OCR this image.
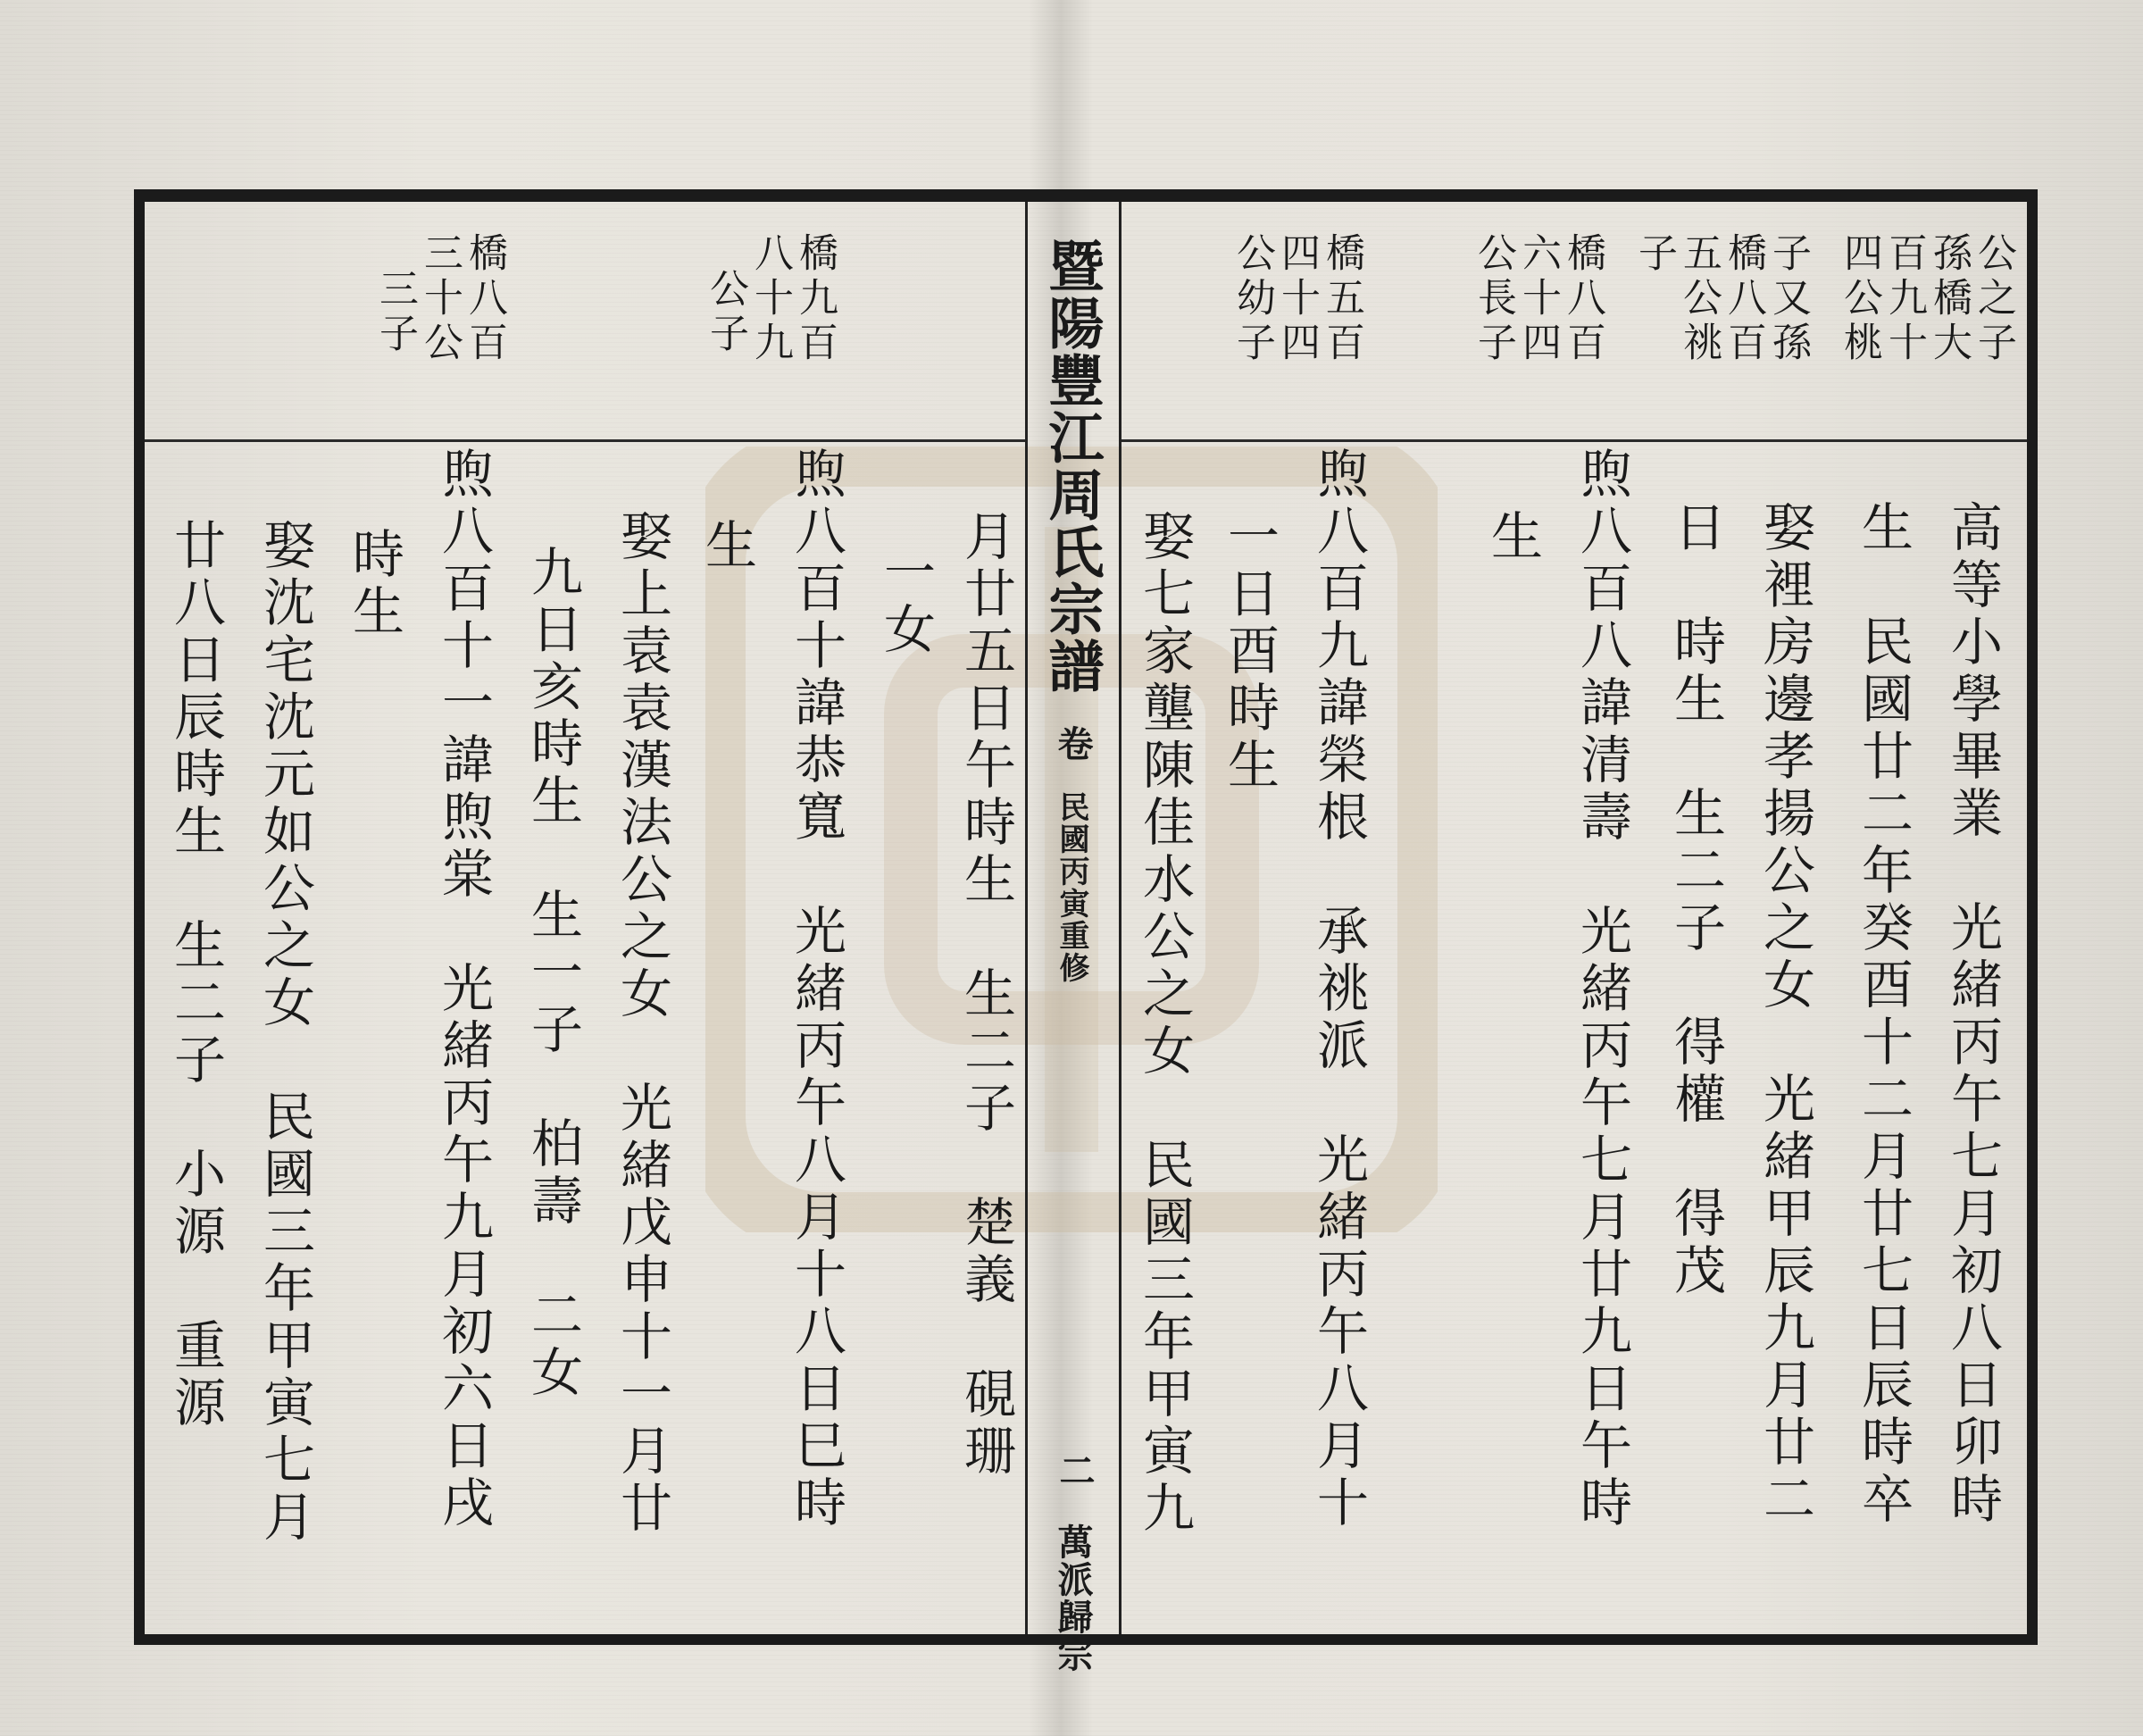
暨陽豐江周氏宗譜
卷
民國丙寅重修
二
萬派歸宗
公之子
孫橋大
百九十
四公桃
子又孫
橋八百
五公祧
子
橋八百
六十四
公長子
橋五百
四十四
公幼子
橋九百
八十九
公子
橋八百
三十公
三子
高等小學畢業　光緒丙午七月初八日卯時
生　民國廿二年癸酉十二月廿七日辰時卒
娶裡房邊孝揚公之女　光緒甲辰九月廿二
日　時生　生二子　得權　得茂
煦八百八諱清壽　光緒丙午七月廿九日午時
生
煦八百九諱榮根　承祧派　光緒丙午八月十
一日酉時生
娶七家壟陳佳水公之女　民國三年甲寅九
月廿五日午時生　生二子　楚義　硯珊
一女
煦八百十諱恭寬　光緒丙午八月十八日巳時
生
娶上袁袁漢法公之女　光緒戊申十一月廿
九日亥時生　生一子　柏壽　二女
煦八百十一諱煦棠　光緒丙午九月初六日戌
時生
娶沈宅沈元如公之女　民國三年甲寅七月
廿八日辰時生　生二子　小源　重源
